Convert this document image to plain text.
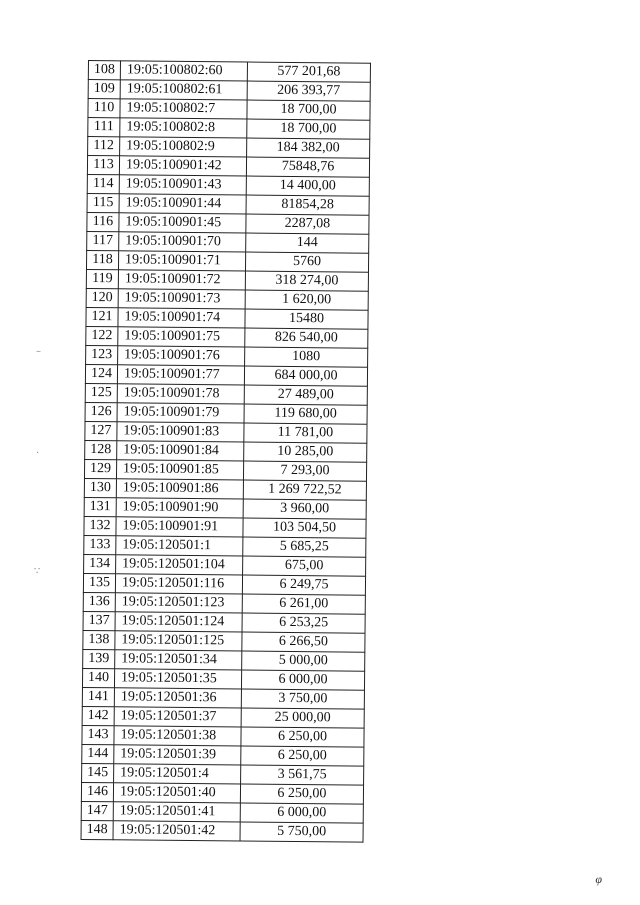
108	19:05:100802:60	577 201,68
109	19:05:100802:61	206 393,77
110	19:05:100802:7	18 700,00
111	19:05:100802:8	18 700,00
112	19:05:100802:9	184 382,00
113	19:05:100901:42	75848,76
114	19:05:100901:43	14 400,00
115	19:05:100901:44	81854,28
116	19:05:100901:45	2287,08
117	19:05:100901:70	144
118	19:05:100901:71	5760
119	19:05:100901:72	318 274,00
120	19:05:100901:73	1 620,00
121	19:05:100901:74	15480
122	19:05:100901:75	826 540,00
123	19:05:100901:76	1080
124	19:05:100901:77	684 000,00
125	19:05:100901:78	27 489,00
126	19:05:100901:79	119 680,00
127	19:05:100901:83	11 781,00
128	19:05:100901:84	10 285,00
129	19:05:100901:85	7 293,00
130	19:05:100901:86	1 269 722,52
131	19:05:100901:90	3 960,00
132	19:05:100901:91	103 504,50
133	19:05:120501:1	5 685,25
134	19:05:120501:104	675,00
135	19:05:120501:116	6 249,75
136	19:05:120501:123	6 261,00
137	19:05:120501:124	6 253,25
138	19:05:120501:125	6 266,50
139	19:05:120501:34	5 000,00
140	19:05:120501:35	6 000,00
141	19:05:120501:36	3 750,00
142	19:05:120501:37	25 000,00
143	19:05:120501:38	6 250,00
144	19:05:120501:39	6 250,00
145	19:05:120501:4	3 561,75
146	19:05:120501:40	6 250,00
147	19:05:120501:41	6 000,00
148	19:05:120501:42	5 750,00
–
·
∵
φ
